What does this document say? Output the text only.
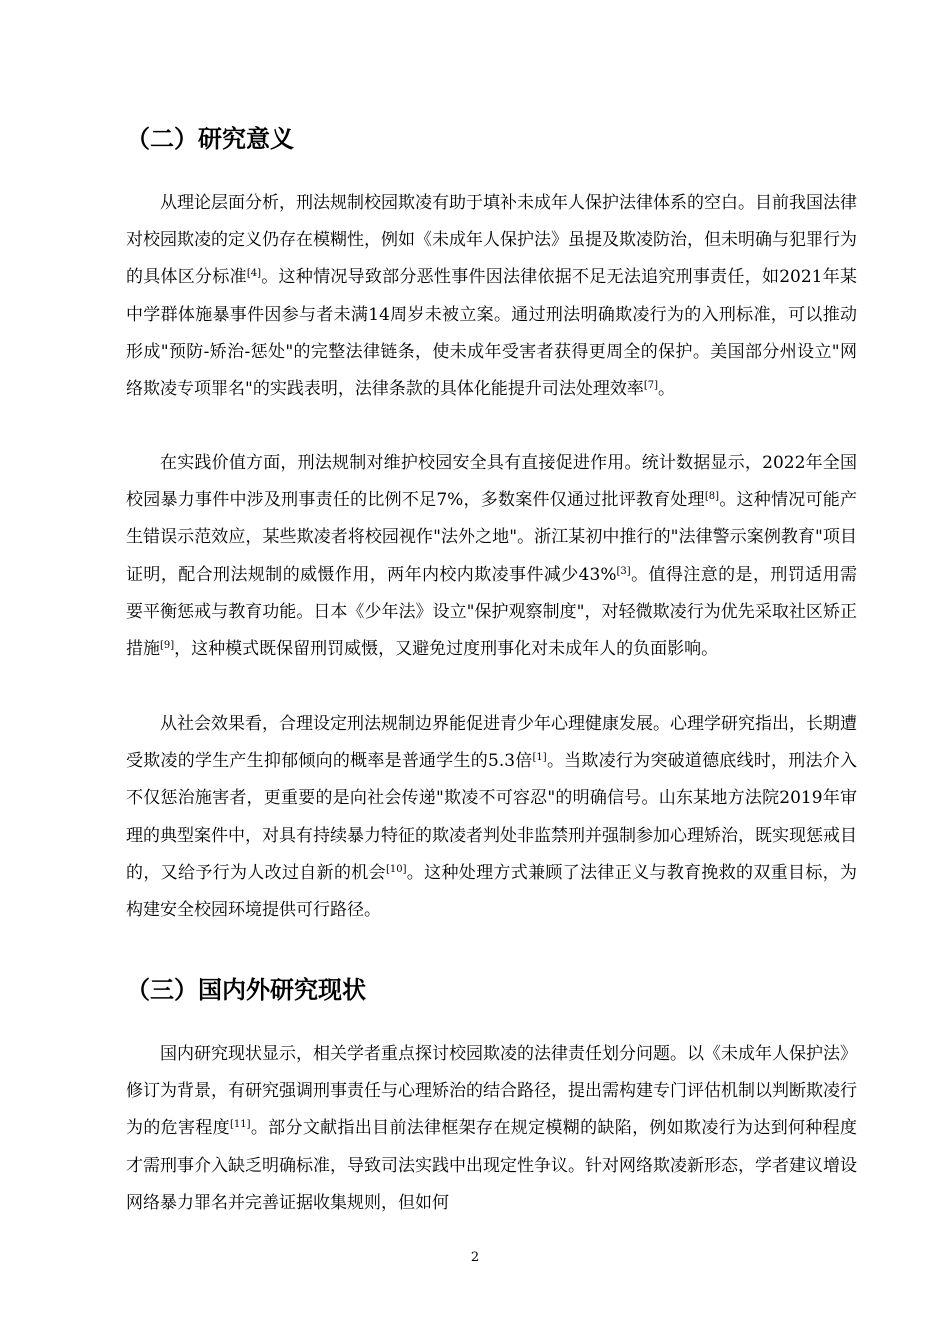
（二）研究意义

从理论层面分析，刑法规制校园欺凌有助于填补未成年人保护法律体系的空白。目前我国法律对校园欺凌的定义仍存在模糊性，例如《未成年人保护法》虽提及欺凌防治，但未明确与犯罪行为的具体区分标准[4]。这种情况导致部分恶性事件因法律依据不足无法追究刑事责任，如2021年某中学群体施暴事件因参与者未满14周岁未被立案。通过刑法明确欺凌行为的入刑标准，可以推动形成"预防-矫治-惩处"的完整法律链条，使未成年受害者获得更周全的保护。美国部分州设立"网络欺凌专项罪名"的实践表明，法律条款的具体化能提升司法处理效率[7]。

在实践价值方面，刑法规制对维护校园安全具有直接促进作用。统计数据显示，2022年全国校园暴力事件中涉及刑事责任的比例不足7%，多数案件仅通过批评教育处理[8]。这种情况可能产生错误示范效应，某些欺凌者将校园视作"法外之地"。浙江某初中推行的"法律警示案例教育"项目证明，配合刑法规制的威慑作用，两年内校内欺凌事件减少43%[3]。值得注意的是，刑罚适用需要平衡惩戒与教育功能。日本《少年法》设立"保护观察制度"，对轻微欺凌行为优先采取社区矫正措施[9]，这种模式既保留刑罚威慑，又避免过度刑事化对未成年人的负面影响。

从社会效果看，合理设定刑法规制边界能促进青少年心理健康发展。心理学研究指出，长期遭受欺凌的学生产生抑郁倾向的概率是普通学生的5.3倍[1]。当欺凌行为突破道德底线时，刑法介入不仅惩治施害者，更重要的是向社会传递"欺凌不可容忍"的明确信号。山东某地方法院2019年审理的典型案件中，对具有持续暴力特征的欺凌者判处非监禁刑并强制参加心理矫治，既实现惩戒目的，又给予行为人改过自新的机会[10]。这种处理方式兼顾了法律正义与教育挽救的双重目标，为构建安全校园环境提供可行路径。

（三）国内外研究现状

国内研究现状显示，相关学者重点探讨校园欺凌的法律责任划分问题。以《未成年人保护法》修订为背景，有研究强调刑事责任与心理矫治的结合路径，提出需构建专门评估机制以判断欺凌行为的危害程度[11]。部分文献指出目前法律框架存在规定模糊的缺陷，例如欺凌行为达到何种程度才需刑事介入缺乏明确标准，导致司法实践中出现定性争议。针对网络欺凌新形态，学者建议增设网络暴力罪名并完善证据收集规则，但如何

2
